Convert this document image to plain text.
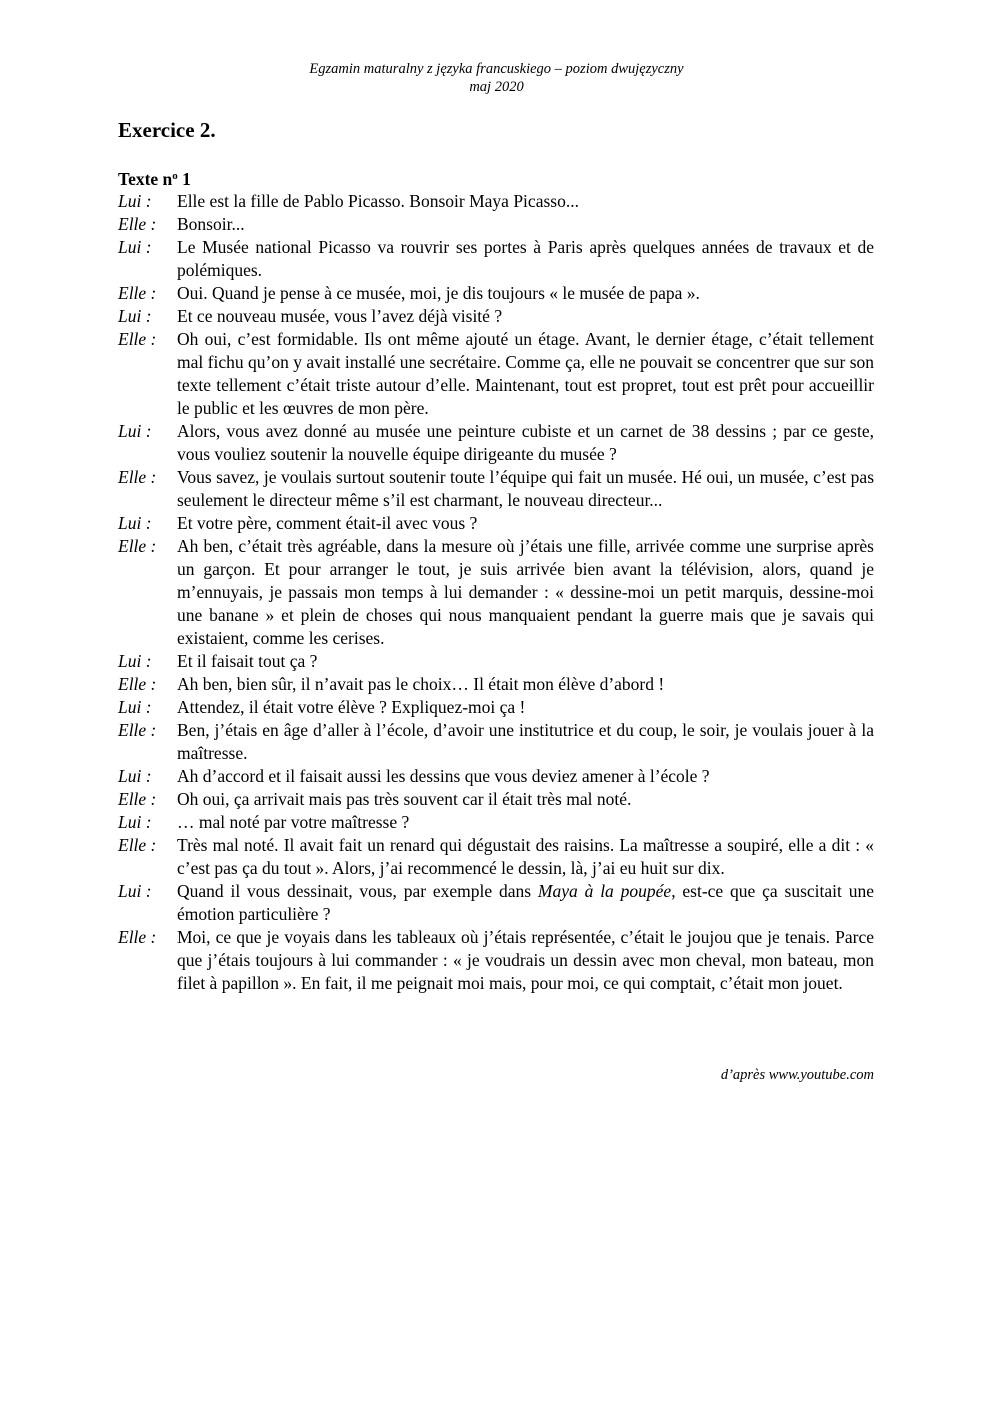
Egzamin maturalny z języka francuskiego – poziom dwujęzyczny
maj 2020
Exercice 2.
Texte $n^o$ 1
Lui :	Elle est la fille de Pablo Picasso. Bonsoir Maya Picasso...
Elle :	Bonsoir...
Lui :	Le Musée national Picasso va rouvrir ses portes à Paris après quelques années de travaux et de polémiques.
Elle :	Oui. Quand je pense à ce musée, moi, je dis toujours « le musée de papa ».
Lui :	Et ce nouveau musée, vous l’avez déjà visité ?
Elle :	Oh oui, c’est formidable. Ils ont même ajouté un étage. Avant, le dernier étage, c’était tellement mal fichu qu’on y avait installé une secrétaire. Comme ça, elle ne pouvait se concentrer que sur son texte tellement c’était triste autour d’elle. Maintenant, tout est propret, tout est prêt pour accueillir le public et les œuvres de mon père.
Lui :	Alors, vous avez donné au musée une peinture cubiste et un carnet de 38 dessins ; par ce geste, vous vouliez soutenir la nouvelle équipe dirigeante du musée ?
Elle :	Vous savez, je voulais surtout soutenir toute l’équipe qui fait un musée. Hé oui, un musée, c’est pas seulement le directeur même s’il est charmant, le nouveau directeur...
Lui :	Et votre père, comment était-il avec vous ?
Elle :	Ah ben, c’était très agréable, dans la mesure où j’étais une fille, arrivée comme une surprise après un garçon. Et pour arranger le tout, je suis arrivée bien avant la télévision, alors, quand je m’ennuyais, je passais mon temps à lui demander : « dessine-moi un petit marquis, dessine-moi une banane » et plein de choses qui nous manquaient pendant la guerre mais que je savais qui existaient, comme les cerises.
Lui :	Et il faisait tout ça ?
Elle :	Ah ben, bien sûr, il n’avait pas le choix… Il était mon élève d’abord !
Lui :	Attendez, il était votre élève ? Expliquez-moi ça !
Elle :	Ben, j’étais en âge d’aller à l’école, d’avoir une institutrice et du coup, le soir, je voulais jouer à la maîtresse.
Lui :	Ah d’accord et il faisait aussi les dessins que vous deviez amener à l’école ?
Elle :	Oh oui, ça arrivait mais pas très souvent car il était très mal noté.
Lui :	… mal noté par votre maîtresse ?
Elle :	Très mal noté. Il avait fait un renard qui dégustait des raisins. La maîtresse a soupiré, elle a dit : « c’est pas ça du tout ». Alors, j’ai recommencé le dessin, là, j’ai eu huit sur dix.
Lui :	Quand il vous dessinait, vous, par exemple dans Maya à la poupée, est-ce que ça suscitait une émotion particulière ?
Elle :	Moi, ce que je voyais dans les tableaux où j’étais représentée, c’était le joujou que je tenais. Parce que j’étais toujours à lui commander : « je voudrais un dessin avec mon cheval, mon bateau, mon filet à papillon ». En fait, il me peignait moi mais, pour moi, ce qui comptait, c’était mon jouet.
d’après www.youtube.com
